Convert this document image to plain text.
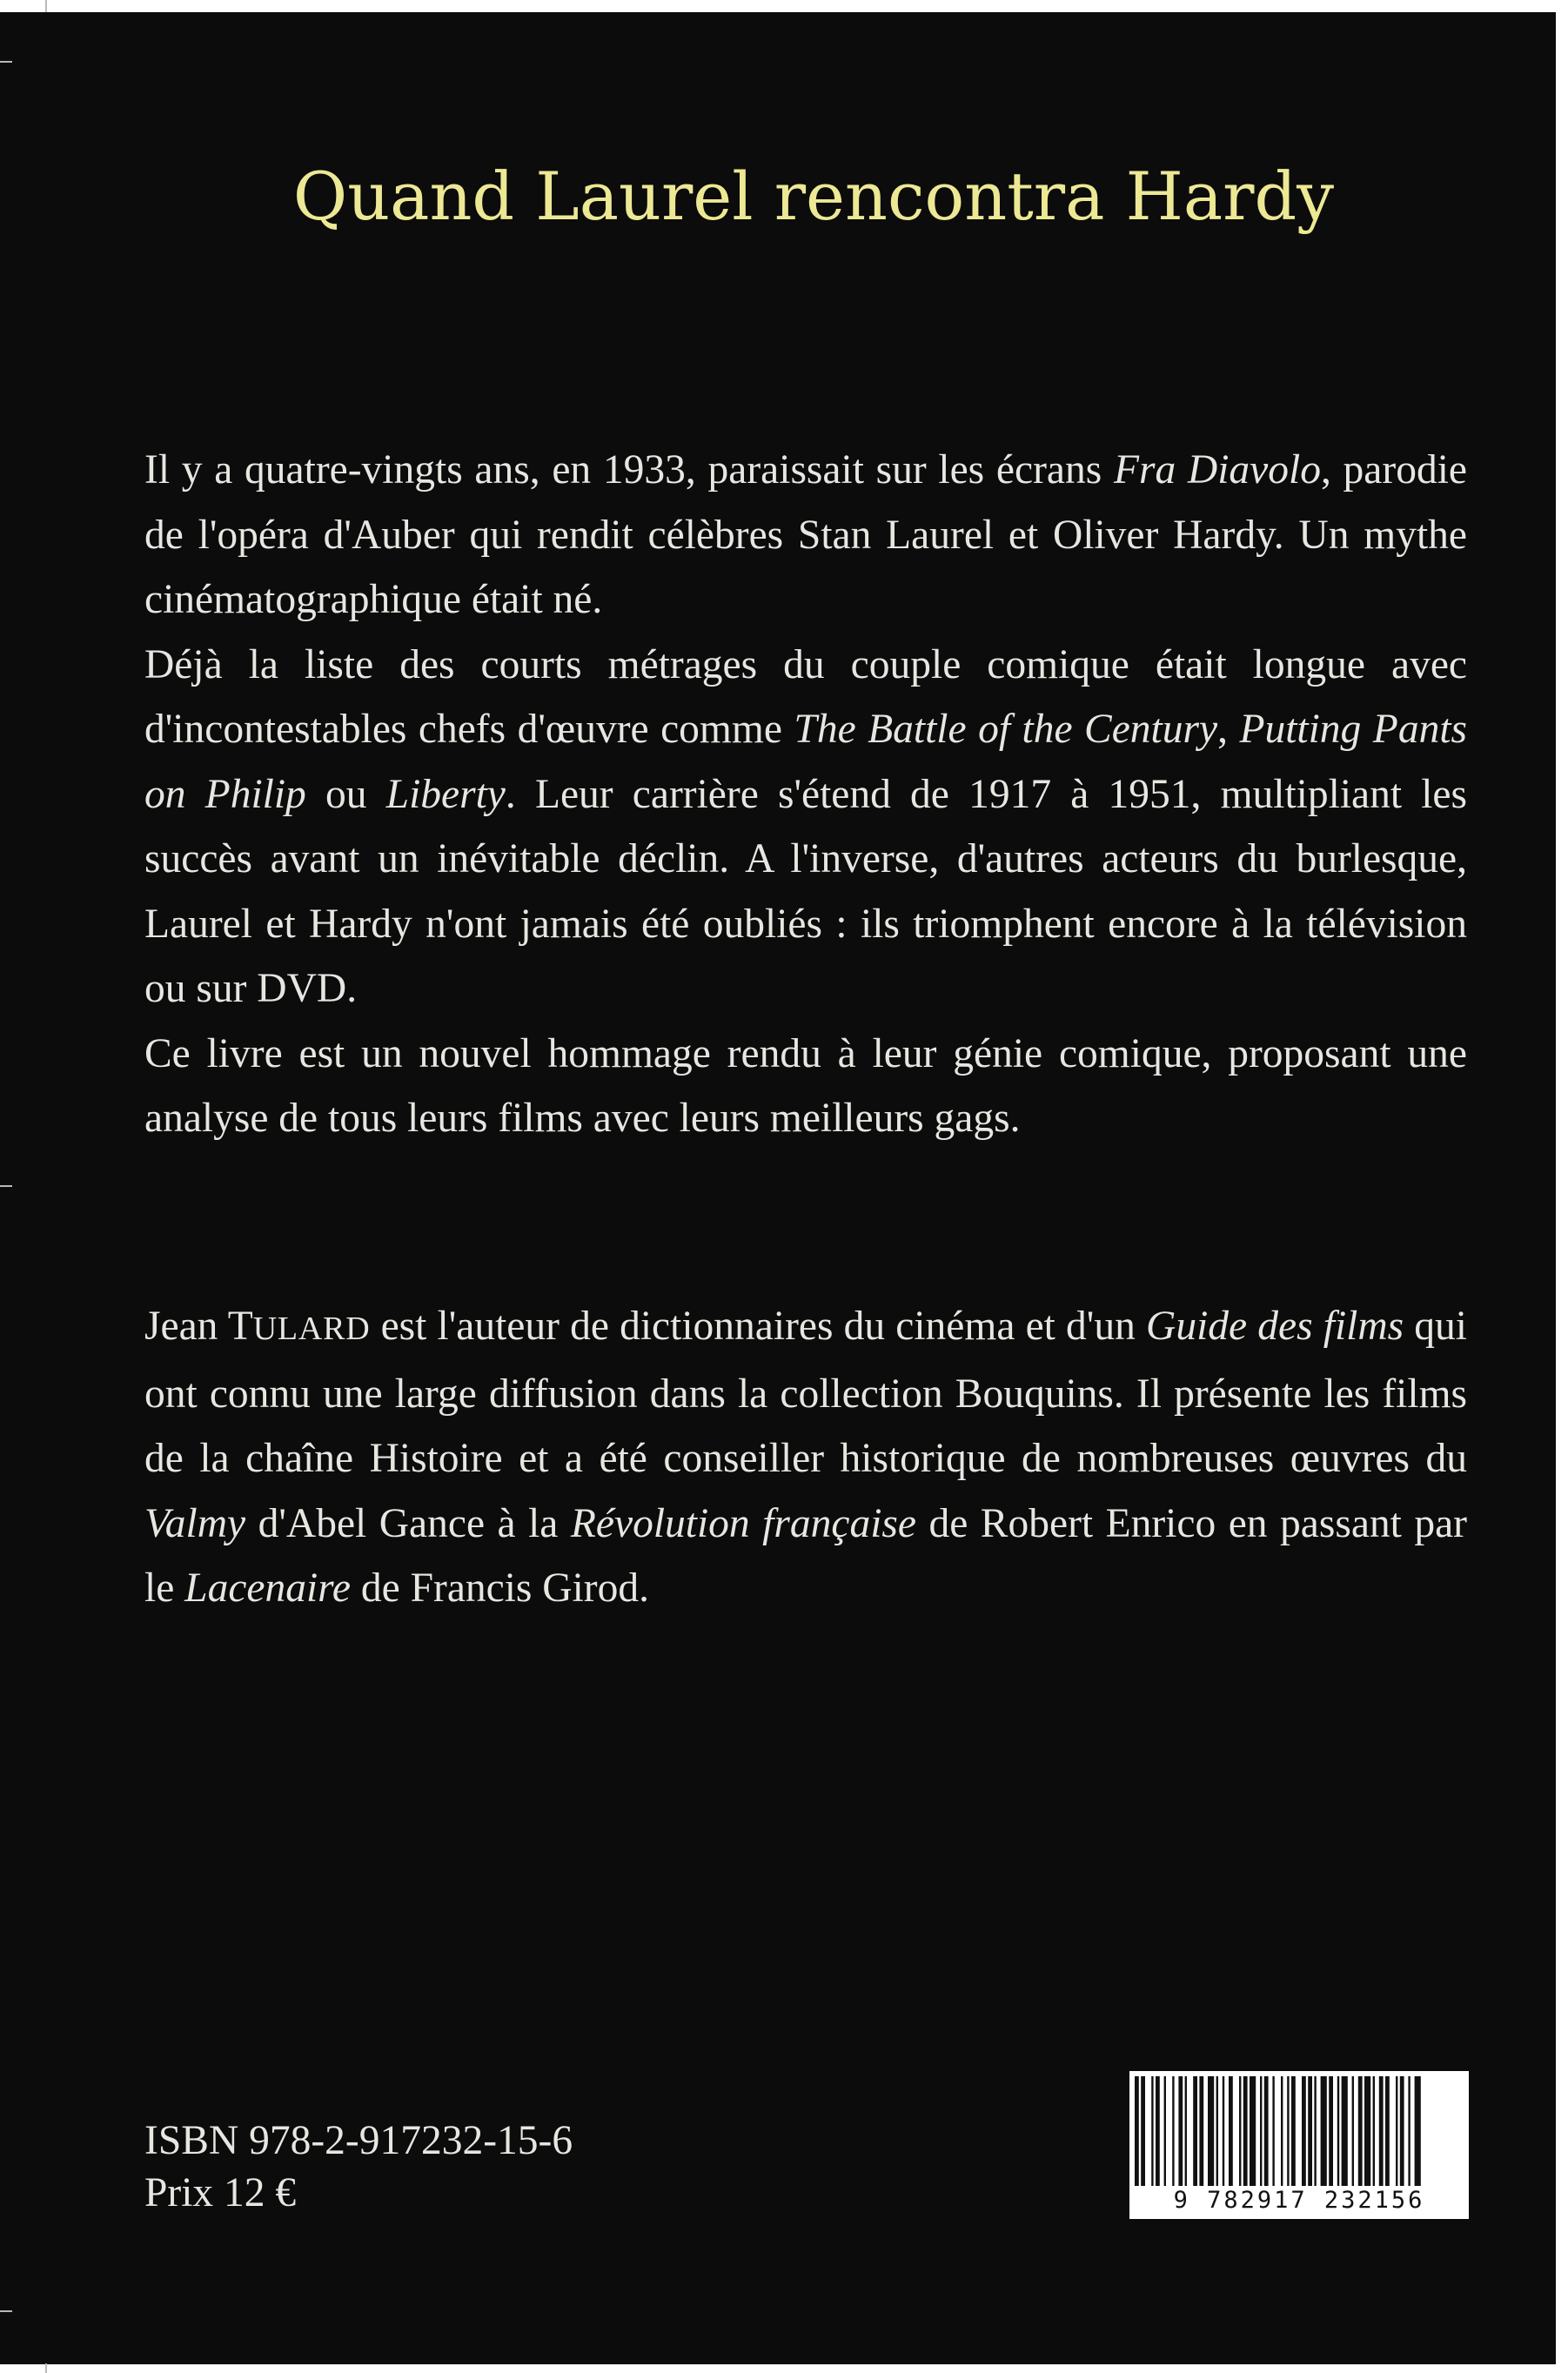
Quand Laurel rencontra Hardy

Il y a quatre-vingts ans, en 1933, paraissait sur les écrans Fra Diavolo, parodie de l'opéra d'Auber qui rendit célèbres Stan Laurel et Oliver Hardy. Un mythe cinématographique était né.

Déjà la liste des courts métrages du couple comique était longue avec d'incontestables chefs d'œuvre comme The Battle of the Century, Putting Pants on Philip ou Liberty. Leur carrière s'étend de 1917 à 1951, multipliant les succès avant un inévitable déclin. A l'inverse, d'autres acteurs du burlesque, Laurel et Hardy n'ont jamais été oubliés : ils triomphent encore à la télévision ou sur DVD.

Ce livre est un nouvel hommage rendu à leur génie comique, proposant une analyse de tous leurs films avec leurs meilleurs gags.

Jean TULARD est l'auteur de dictionnaires du cinéma et d'un Guide des films qui ont connu une large diffusion dans la collection Bouquins. Il présente les films de la chaîne Histoire et a été conseiller historique de nombreuses œuvres du Valmy d'Abel Gance à la Révolution française de Robert Enrico en passant par le Lacenaire de Francis Girod.

ISBN 978-2-917232-15-6
Prix 12 €	9 782917 232156
